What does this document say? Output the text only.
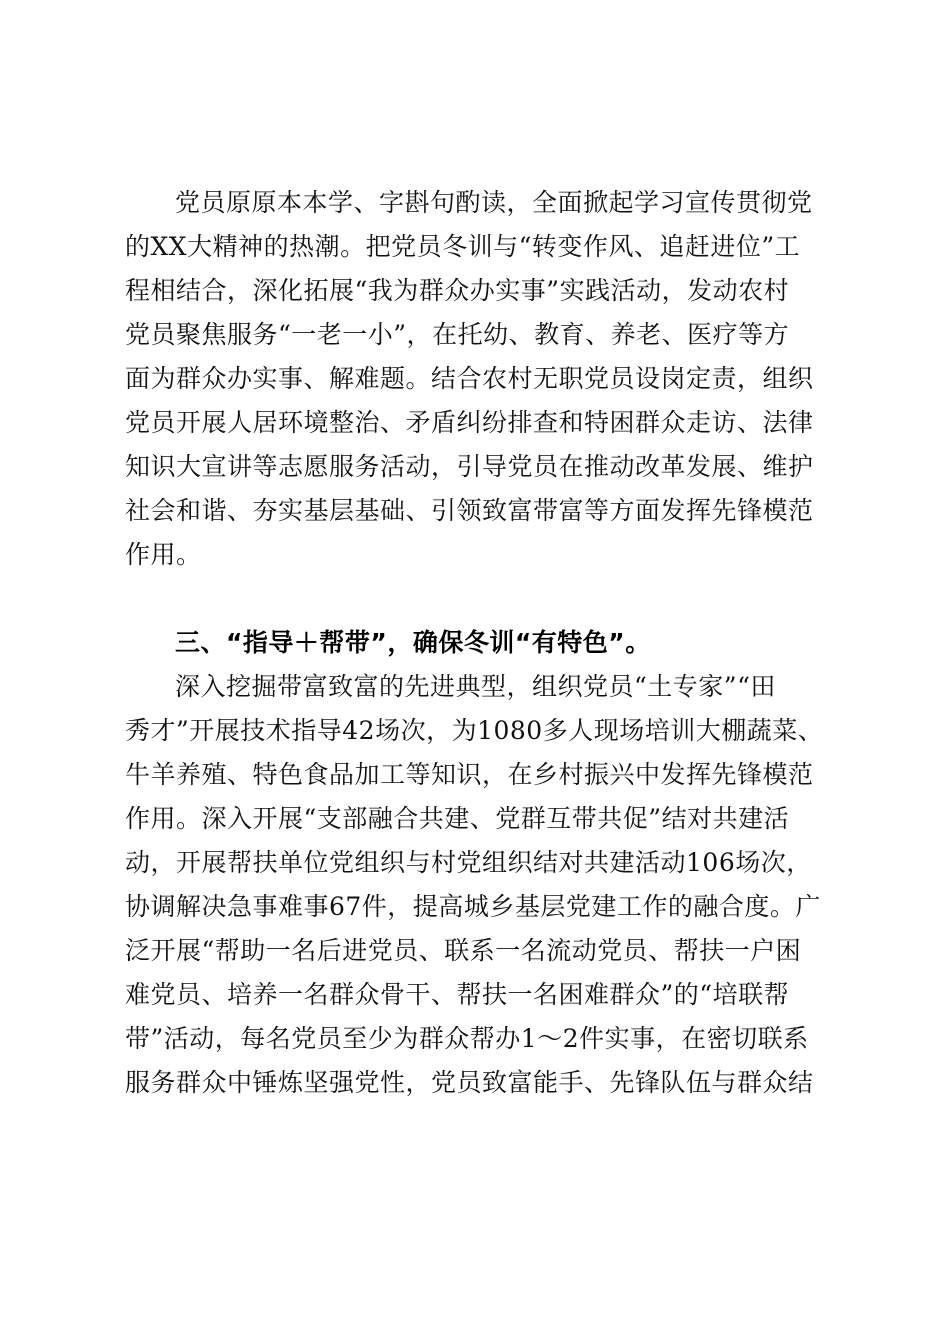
党员原原本本学、字斟句酌读，全面掀起学习宣传贯彻党
的XX大精神的热潮。把党员冬训与“转变作风、追赶进位”工
程相结合，深化拓展“我为群众办实事”实践活动，发动农村
党员聚焦服务“一老一小”，在托幼、教育、养老、医疗等方
面为群众办实事、解难题。结合农村无职党员设岗定责，组织
党员开展人居环境整治、矛盾纠纷排查和特困群众走访、法律
知识大宣讲等志愿服务活动，引导党员在推动改革发展、维护
社会和谐、夯实基层基础、引领致富带富等方面发挥先锋模范
作用。
三、“指导＋帮带”，确保冬训“有特色”。
深入挖掘带富致富的先进典型，组织党员“土专家”“田
秀才”开展技术指导42场次，为1080多人现场培训大棚蔬菜、
牛羊养殖、特色食品加工等知识，在乡村振兴中发挥先锋模范
作用。深入开展“支部融合共建、党群互带共促”结对共建活
动，开展帮扶单位党组织与村党组织结对共建活动106场次，
协调解决急事难事67件，提高城乡基层党建工作的融合度。广
泛开展“帮助一名后进党员、联系一名流动党员、帮扶一户困
难党员、培养一名群众骨干、帮扶一名困难群众”的“培联帮
带”活动，每名党员至少为群众帮办1～2件实事，在密切联系
服务群众中锤炼坚强党性，党员致富能手、先锋队伍与群众结
